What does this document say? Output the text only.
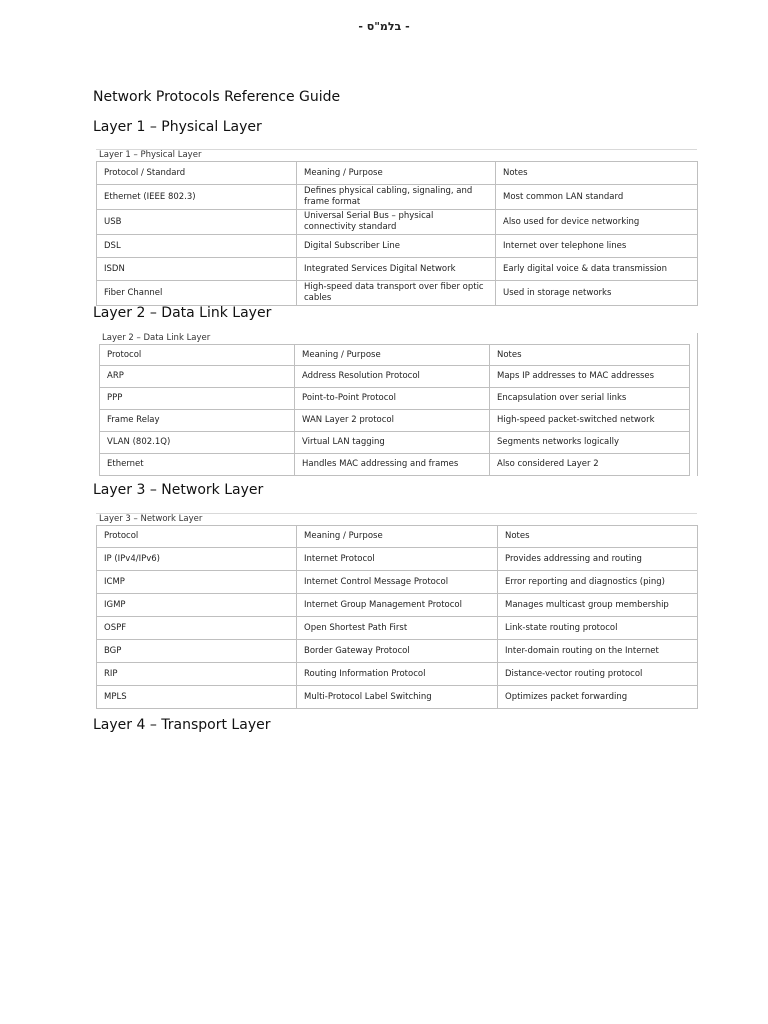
- בלמ"ס -
Network Protocols Reference Guide
Layer 1 – Physical Layer
Layer 1 – Physical Layer
Protocol / Standard	Meaning / Purpose	Notes
Ethernet (IEEE 802.3)	Defines physical cabling, signaling, and frame format	Most common LAN standard
USB	Universal Serial Bus – physical connectivity standard	Also used for device networking
DSL	Digital Subscriber Line	Internet over telephone lines
ISDN	Integrated Services Digital Network	Early digital voice & data transmission
Fiber Channel	High-speed data transport over fiber optic cables	Used in storage networks
Layer 2 – Data Link Layer
Layer 2 – Data Link Layer
Protocol	Meaning / Purpose	Notes
ARP	Address Resolution Protocol	Maps IP addresses to MAC addresses
PPP	Point-to-Point Protocol	Encapsulation over serial links
Frame Relay	WAN Layer 2 protocol	High-speed packet-switched network
VLAN (802.1Q)	Virtual LAN tagging	Segments networks logically
Ethernet	Handles MAC addressing and frames	Also considered Layer 2
Layer 3 – Network Layer
Layer 3 – Network Layer
Protocol	Meaning / Purpose	Notes
IP (IPv4/IPv6)	Internet Protocol	Provides addressing and routing
ICMP	Internet Control Message Protocol	Error reporting and diagnostics (ping)
IGMP	Internet Group Management Protocol	Manages multicast group membership
OSPF	Open Shortest Path First	Link-state routing protocol
BGP	Border Gateway Protocol	Inter-domain routing on the Internet
RIP	Routing Information Protocol	Distance-vector routing protocol
MPLS	Multi-Protocol Label Switching	Optimizes packet forwarding
Layer 4 – Transport Layer
